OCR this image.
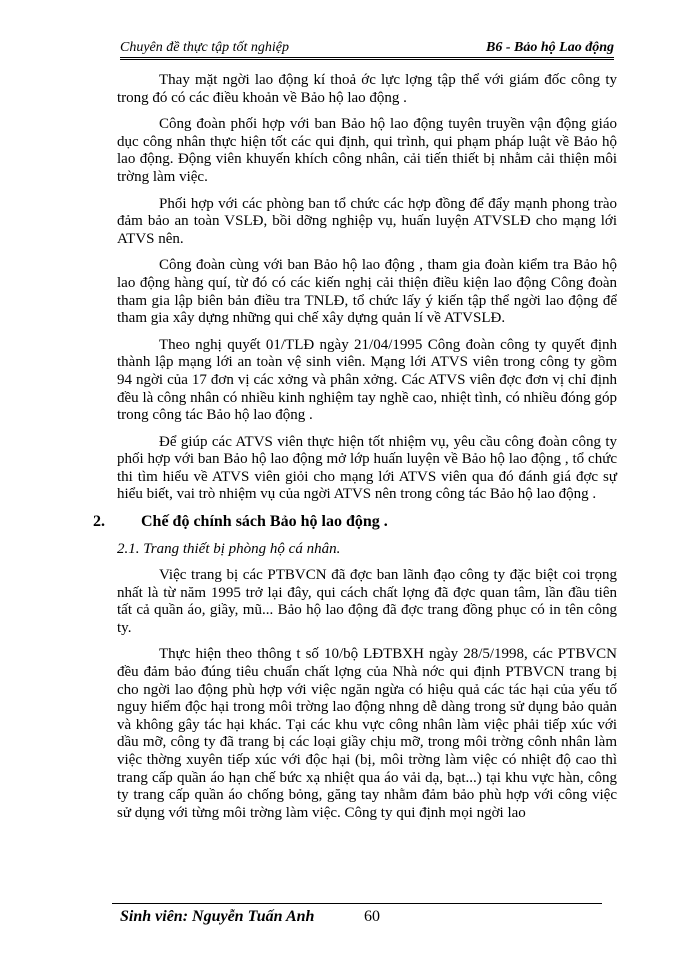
Chuyên đề thực tập tốt nghiệp	B6 - Bảo hộ Lao động

Thay mặt ngời lao động kí thoả ớc lực lợng tập thể với giám đốc công ty trong đó có các điều khoản về Bảo hộ lao động .

Công đoàn phối hợp với ban Bảo hộ lao động tuyên truyền vận động giáo dục công nhân thực hiện tốt các qui định, qui trình, qui phạm pháp luật về Bảo hộ lao động. Động viên khuyến khích công nhân, cải tiến thiết bị nhằm cải thiện môi trờng làm việc.

Phối hợp với các phòng ban tổ chức các hợp đồng để đẩy mạnh phong trào đảm bảo an toàn VSLĐ, bồi dỡng nghiệp vụ, huấn luyện ATVSLĐ cho mạng lới ATVS nên.

Công đoàn cùng với ban Bảo hộ lao động , tham gia đoàn kiểm tra Bảo hộ lao động hàng quí, từ đó có các kiến nghị cải thiện điều kiện lao động Công đoàn tham gia lập biên bản điều tra TNLĐ, tổ chức lấy ý kiến tập thể ngời lao động để tham gia xây dựng những qui chế xây dựng quản lí về ATVSLĐ.

Theo nghị quyết 01/TLĐ ngày 21/04/1995 Công đoàn công ty quyết định thành lập mạng lới an toàn vệ sinh viên. Mạng lới ATVS viên trong công ty gồm 94 ngời của 17 đơn vị các xởng và phân xởng. Các ATVS viên đợc đơn vị chỉ định đều là công nhân có nhiều kinh nghiệm tay nghề cao, nhiệt tình, có nhiều đóng góp trong công tác Bảo hộ lao động .

Để giúp các ATVS viên thực hiện tốt nhiệm vụ, yêu cầu công đoàn công ty phối hợp với ban Bảo hộ lao động mở lớp huấn luyện về Bảo hộ lao động , tổ chức thi tìm hiểu về ATVS viên giỏi cho mạng lới ATVS viên qua đó đánh giá đợc sự hiểu biết, vai trò nhiệm vụ của ngời ATVS nên trong công tác Bảo hộ lao động .

2. Chế độ chính sách Bảo hộ lao động .
2.1. Trang thiết bị phòng hộ cá nhân.

Việc trang bị các PTBVCN đã đợc ban lãnh đạo công ty đặc biệt coi trọng nhất là từ năm 1995 trở lại đây, qui cách chất lợng đã đợc quan tâm, lần đầu tiên tất cả quần áo, giầy, mũ... Bảo hộ lao động đã đợc trang đồng phục có in tên công ty.

Thực hiện theo thông t số 10/bộ LĐTBXH ngày 28/5/1998, các PTBVCN đều đảm bảo đúng tiêu chuẩn chất lợng của Nhà nớc qui định PTBVCN trang bị cho ngời lao động phù hợp với việc ngăn ngừa có hiệu quả các tác hại của yếu tố nguy hiểm độc hại trong môi trờng lao động nhng dễ dàng trong sử dụng bảo quản và không gây tác hại khác. Tại các khu vực công nhân làm việc phải tiếp xúc với dầu mỡ, công ty đã trang bị các loại giầy chịu mỡ, trong môi trờng cônh nhân làm việc thờng xuyên tiếp xúc với độc hại (bị, môi trờng làm việc có nhiệt độ cao thì trang cấp quần áo hạn chế bức xạ nhiệt qua áo vải dạ, bạt...) tại khu vực hàn, công ty trang cấp quần áo chống bỏng, găng tay nhằm đảm bảo phù hợp với công việc sử dụng với từng môi trờng làm việc. Công ty qui định mọi ngời lao

Sinh viên: Nguyễn Tuấn Anh	60
